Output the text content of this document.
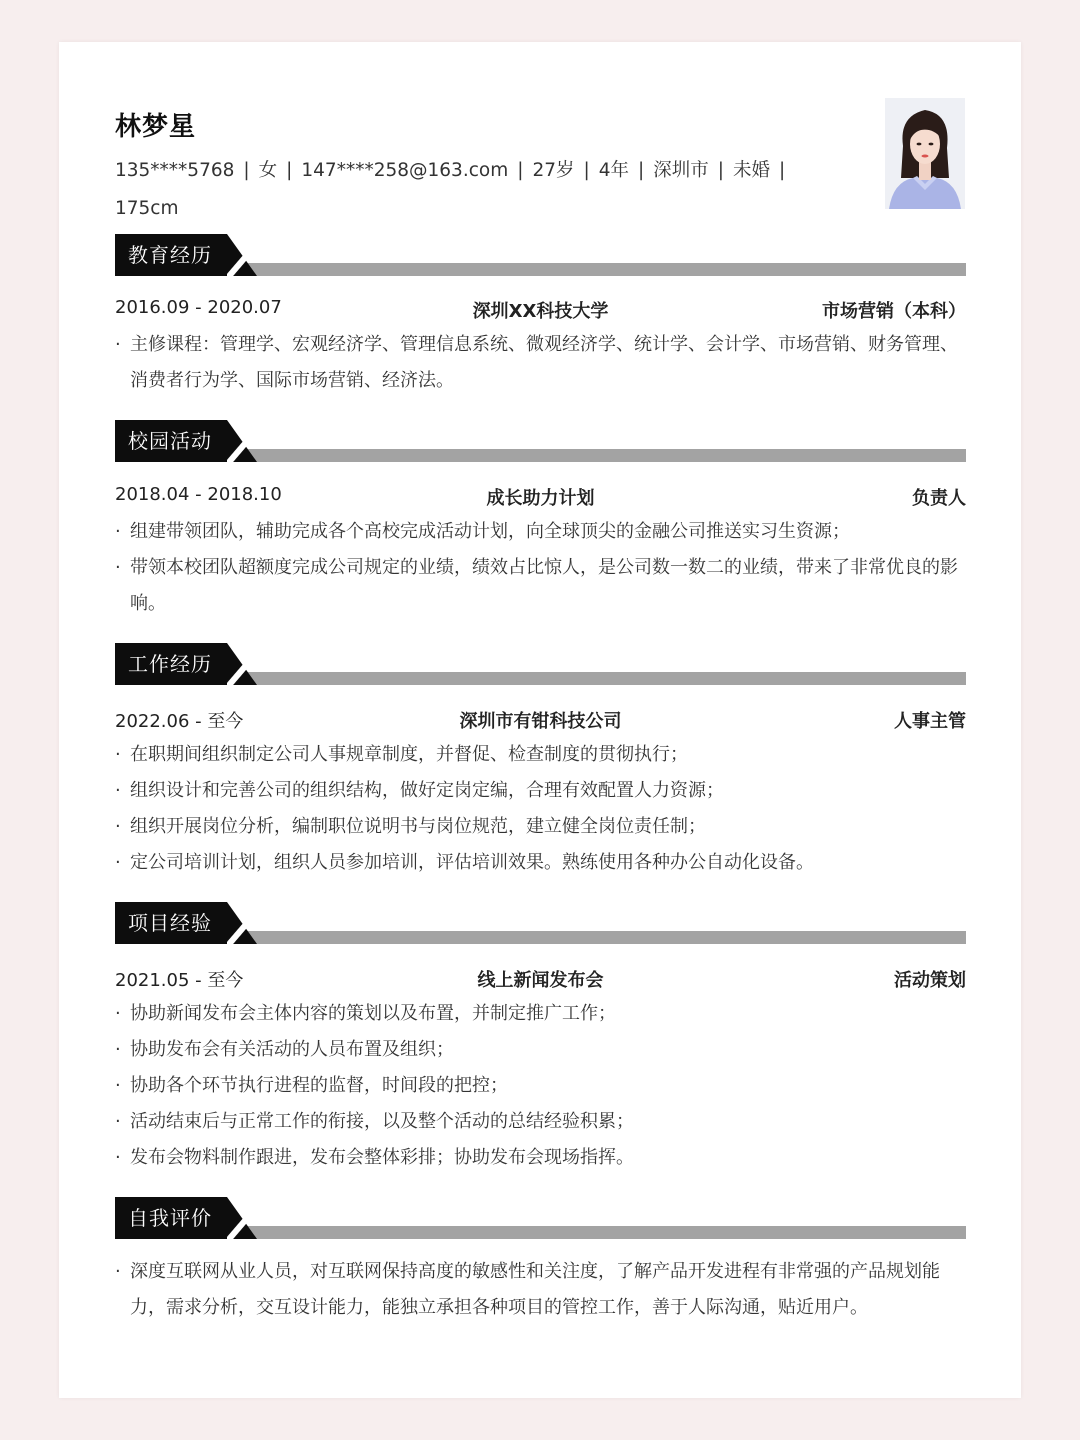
林梦星
135****5768 | 女 | 147****258@163.com | 27岁 | 4年 | 深圳市 | 未婚 |
175cm
教育经历
2016.09 - 2020.07	深圳XX科技大学	市场营销（本科）
· 主修课程：管理学、宏观经济学、管理信息系统、微观经济学、统计学、会计学、市场营销、财务管理、消费者行为学、国际市场营销、经济法。
校园活动
2018.04 - 2018.10	成长助力计划	负责人
· 组建带领团队，辅助完成各个高校完成活动计划，向全球顶尖的金融公司推送实习生资源；
· 带领本校团队超额度完成公司规定的业绩，绩效占比惊人，是公司数一数二的业绩，带来了非常优良的影响。
工作经历
2022.06 - 至今	深圳市有钳科技公司	人事主管
· 在职期间组织制定公司人事规章制度，并督促、检查制度的贯彻执行；
· 组织设计和完善公司的组织结构，做好定岗定编，合理有效配置人力资源；
· 组织开展岗位分析，编制职位说明书与岗位规范，建立健全岗位责任制；
· 定公司培训计划，组织人员参加培训，评估培训效果。熟练使用各种办公自动化设备。
项目经验
2021.05 - 至今	线上新闻发布会	活动策划
· 协助新闻发布会主体内容的策划以及布置，并制定推广工作；
· 协助发布会有关活动的人员布置及组织；
· 协助各个环节执行进程的监督，时间段的把控；
· 活动结束后与正常工作的衔接，以及整个活动的总结经验积累；
· 发布会物料制作跟进，发布会整体彩排；协助发布会现场指挥。
自我评价
· 深度互联网从业人员，对互联网保持高度的敏感性和关注度，了解产品开发进程有非常强的产品规划能力，需求分析，交互设计能力，能独立承担各种项目的管控工作，善于人际沟通，贴近用户。
